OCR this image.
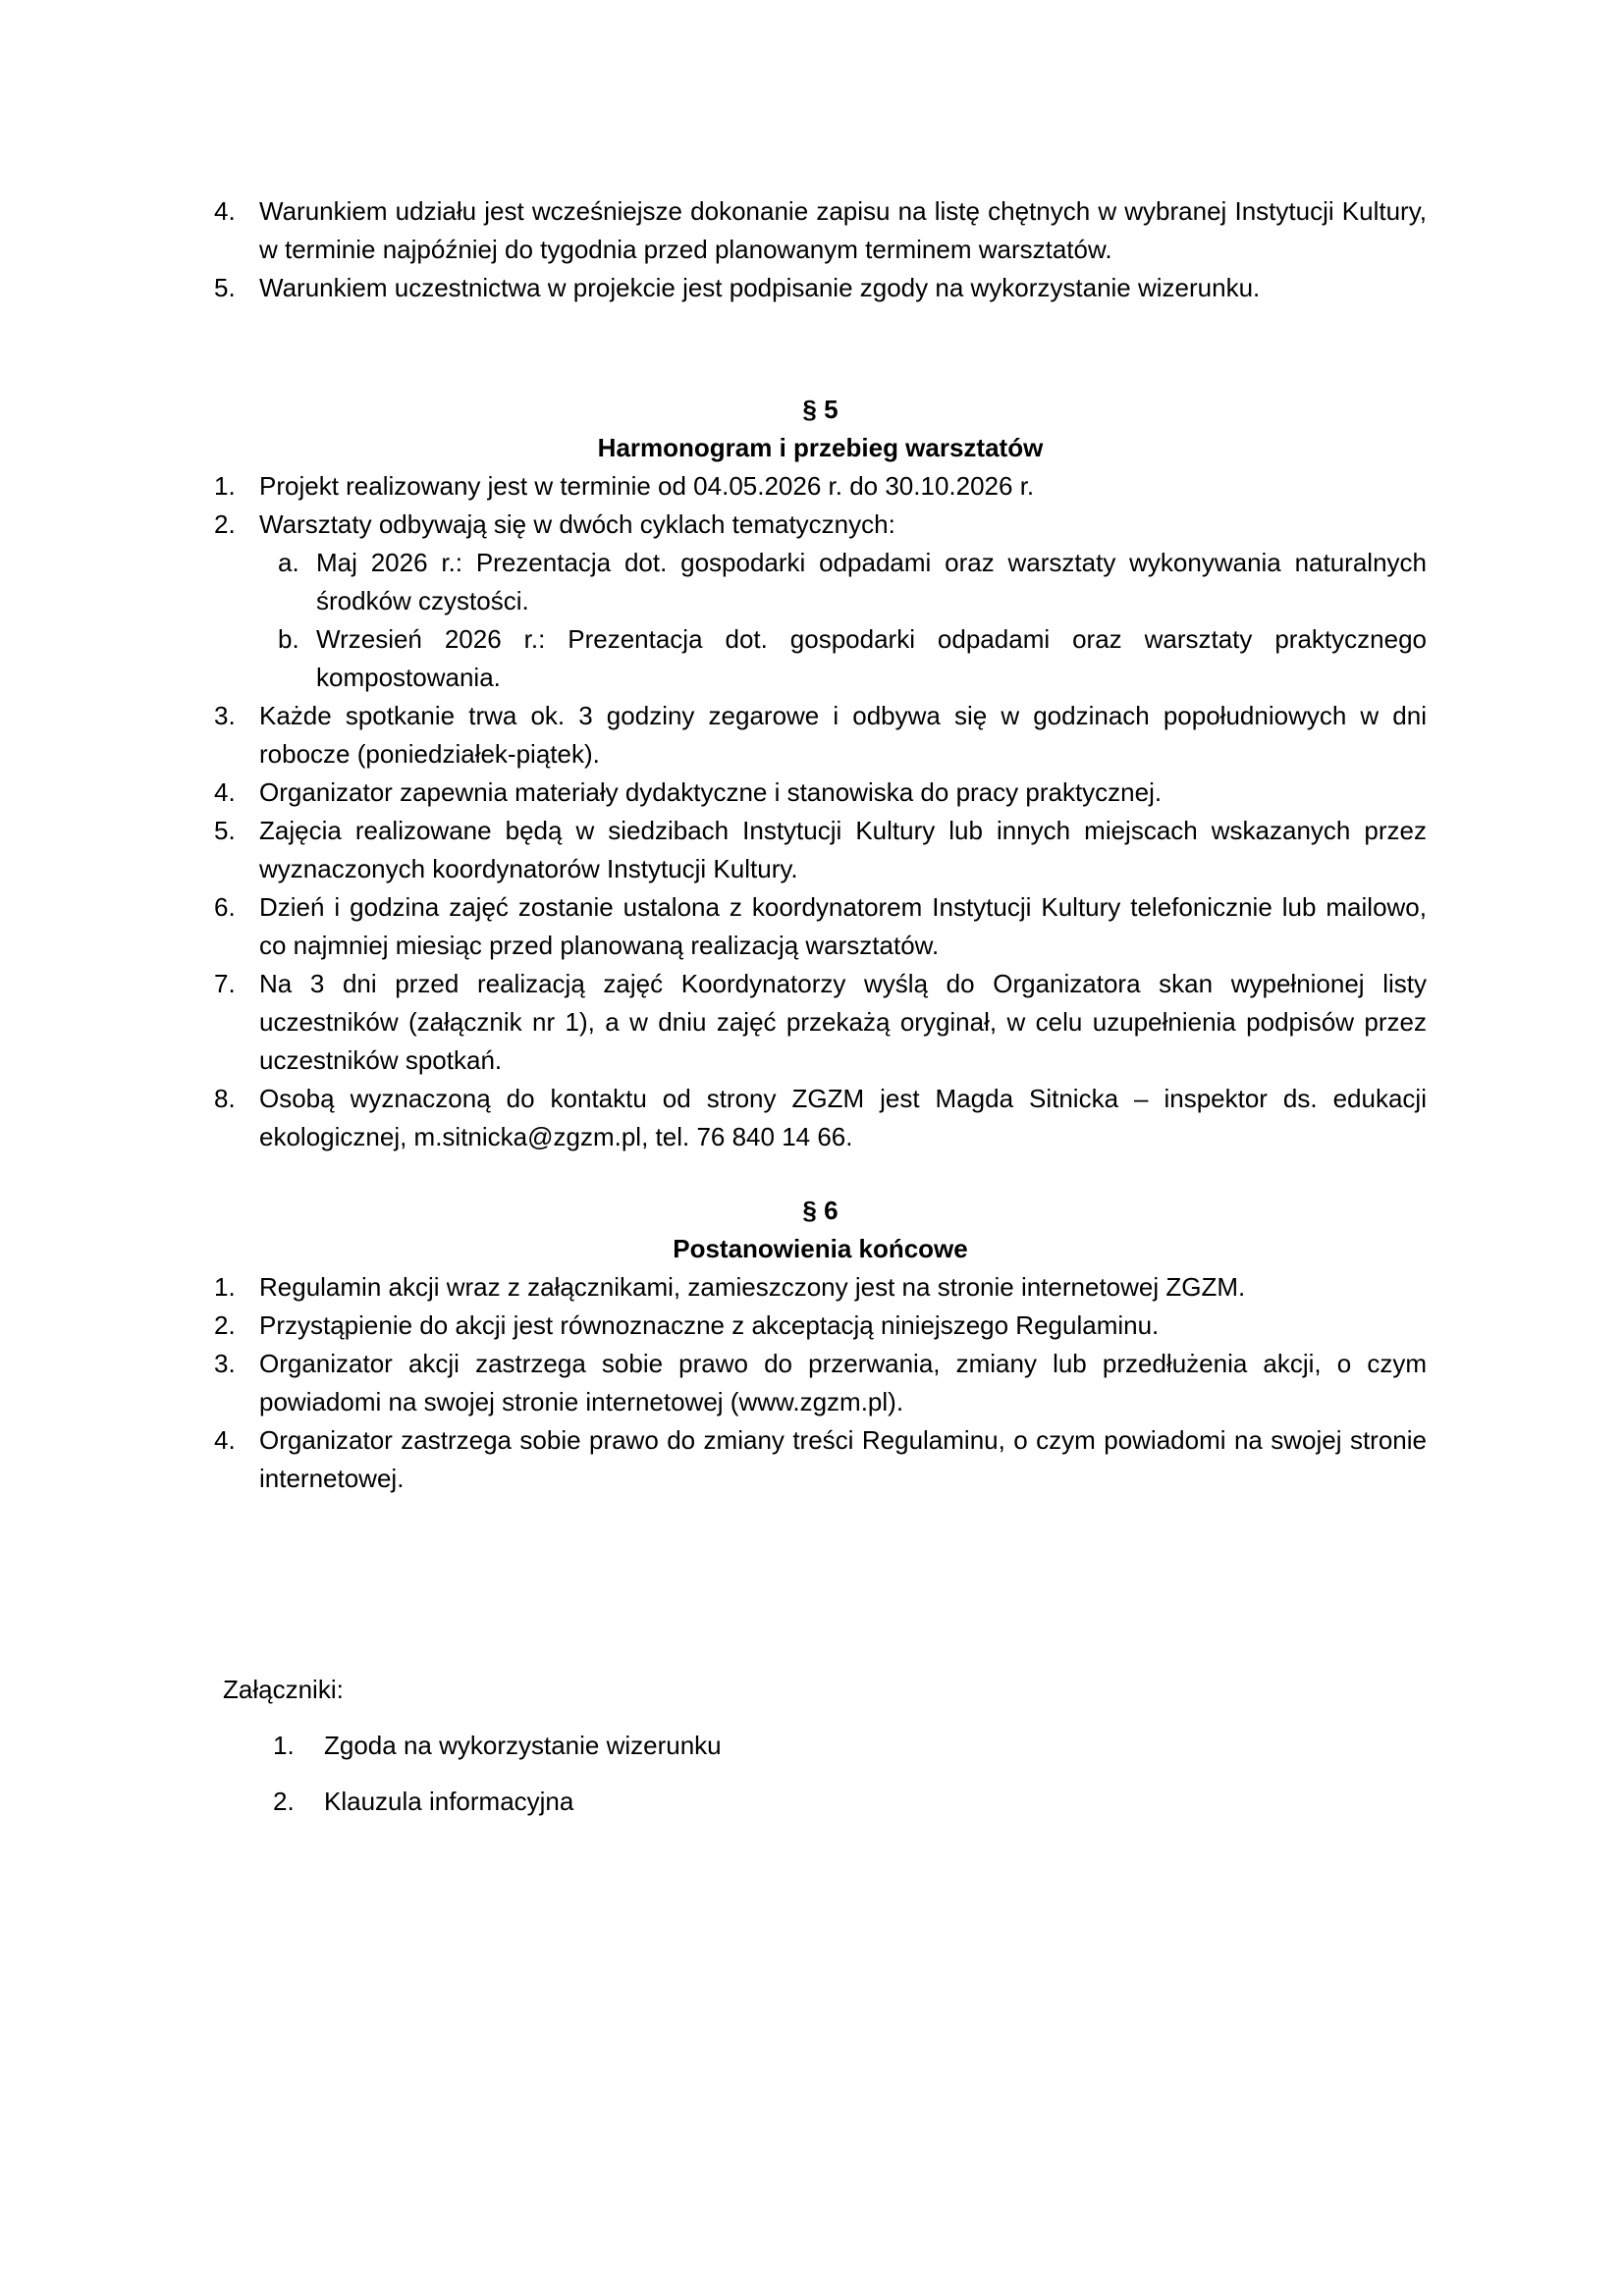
4. Warunkiem udziału jest wcześniejsze dokonanie zapisu na listę chętnych w wybranej Instytucji Kultury, w terminie najpóźniej do tygodnia przed planowanym terminem warsztatów.
5. Warunkiem uczestnictwa w projekcie jest podpisanie zgody na wykorzystanie wizerunku.
§ 5
Harmonogram i przebieg warsztatów
1. Projekt realizowany jest w terminie od 04.05.2026 r. do 30.10.2026 r.
2. Warsztaty odbywają się w dwóch cyklach tematycznych:
a. Maj 2026 r.: Prezentacja dot. gospodarki odpadami oraz warsztaty wykonywania naturalnych środków czystości.
b. Wrzesień 2026 r.: Prezentacja dot. gospodarki odpadami oraz warsztaty praktycznego kompostowania.
3. Każde spotkanie trwa ok. 3 godziny zegarowe i odbywa się w godzinach popołudniowych w dni robocze (poniedziałek-piątek).
4. Organizator zapewnia materiały dydaktyczne i stanowiska do pracy praktycznej.
5. Zajęcia realizowane będą w siedzibach Instytucji Kultury lub innych miejscach wskazanych przez wyznaczonych koordynatorów Instytucji Kultury.
6. Dzień i godzina zajęć zostanie ustalona z koordynatorem Instytucji Kultury telefonicznie lub mailowo, co najmniej miesiąc przed planowaną realizacją warsztatów.
7. Na 3 dni przed realizacją zajęć Koordynatorzy wyślą do Organizatora skan wypełnionej listy uczestników (załącznik nr 1), a w dniu zajęć przekażą oryginał, w celu uzupełnienia podpisów przez uczestników spotkań.
8. Osobą wyznaczoną do kontaktu od strony ZGZM jest Magda Sitnicka – inspektor ds. edukacji ekologicznej, m.sitnicka@zgzm.pl, tel. 76 840 14 66.
§ 6
Postanowienia końcowe
1. Regulamin akcji wraz z załącznikami, zamieszczony jest na stronie internetowej ZGZM.
2. Przystąpienie do akcji jest równoznaczne z akceptacją niniejszego Regulaminu.
3. Organizator akcji zastrzega sobie prawo do przerwania, zmiany lub przedłużenia akcji, o czym powiadomi na swojej stronie internetowej (www.zgzm.pl).
4. Organizator zastrzega sobie prawo do zmiany treści Regulaminu, o czym powiadomi na swojej stronie internetowej.
Załączniki:
1.	Zgoda na wykorzystanie wizerunku
2.	Klauzula informacyjna
